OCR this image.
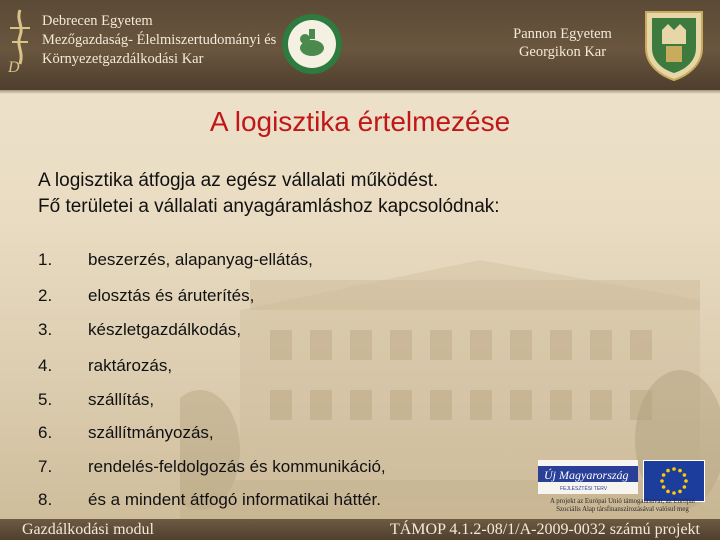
D
Debrecen Egyetem
Mezőgazdaság- Élelmiszertudományi és
Környezetgazdálkodási Kar
Pannon Egyetem
Georgikon Kar
A logisztika értelmezése
A logisztika átfogja az egész vállalati működést.
Fő területei a vállalati anyagáramláshoz kapcsolódnak:
1.	beszerzés, alapanyag-ellátás,
2.	elosztás és áruterítés,
3.	készletgazdálkodás,
4.	raktározás,
5.	szállítás,
6.	szállítmányozás,
7.	rendelés-feldolgozás és kommunikáció,
8.	és a mindent átfogó informatikai háttér.
Új Magyarország
FEJLESZTÉSI TERV
A projekt az Európai Unió támogatásával, az Európai
Szociális Alap társfinanszírozásával valósul meg
Gazdálkodási modul	TÁMOP 4.1.2-08/1/A-2009-0032 számú projekt
